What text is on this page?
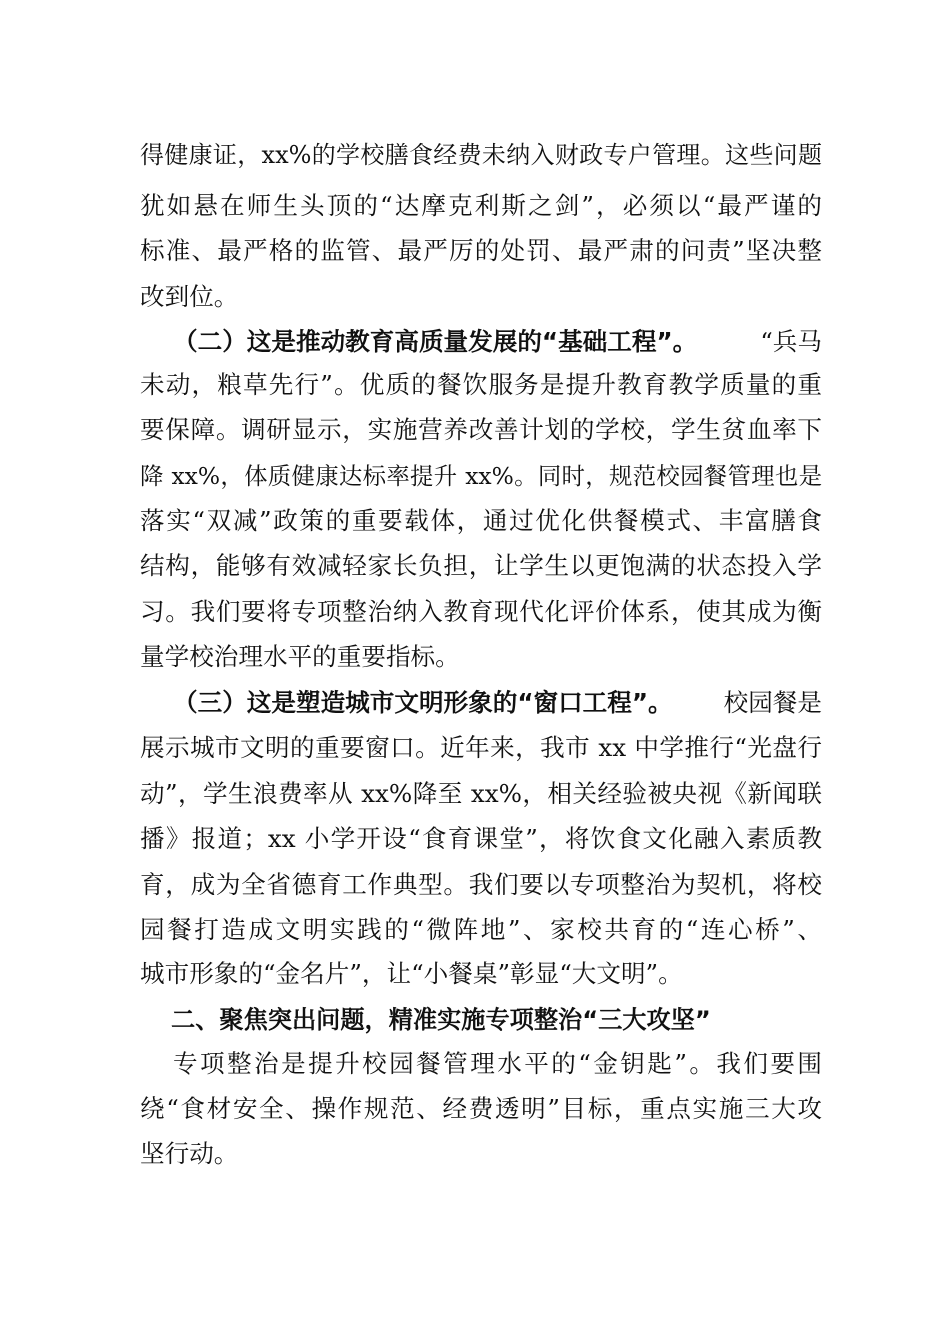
得健康证，xx%的学校膳食经费未纳入财政专户管理。这些问题
犹如悬在师生头顶的“达摩克利斯之剑”，必须以“最严谨的
标准、最严格的监管、最严厉的处罚、最严肃的问责”坚决整
改到位。
（二）这是推动教育高质量发展的“基础工程”。	“兵马
未动，粮草先行”。优质的餐饮服务是提升教育教学质量的重
要保障。调研显示，实施营养改善计划的学校，学生贫血率下
降 xx%，体质健康达标率提升 xx%。同时，规范校园餐管理也是
落实“双减”政策的重要载体，通过优化供餐模式、丰富膳食
结构，能够有效减轻家长负担，让学生以更饱满的状态投入学
习。我们要将专项整治纳入教育现代化评价体系，使其成为衡
量学校治理水平的重要指标。
（三）这是塑造城市文明形象的“窗口工程”。 校园餐是
展示城市文明的重要窗口。近年来，我市 xx 中学推行“光盘行
动”，学生浪费率从 xx%降至 xx%，相关经验被央视《新闻联
播》报道；xx 小学开设“食育课堂”，将饮食文化融入素质教
育，成为全省德育工作典型。我们要以专项整治为契机，将校
园餐打造成文明实践的“微阵地”、家校共育的“连心桥”、
城市形象的“金名片”，让“小餐桌”彰显“大文明”。
二、聚焦突出问题，精准实施专项整治“三大攻坚”
专项整治是提升校园餐管理水平的“金钥匙”。我们要围
绕“食材安全、操作规范、经费透明”目标，重点实施三大攻
坚行动。
